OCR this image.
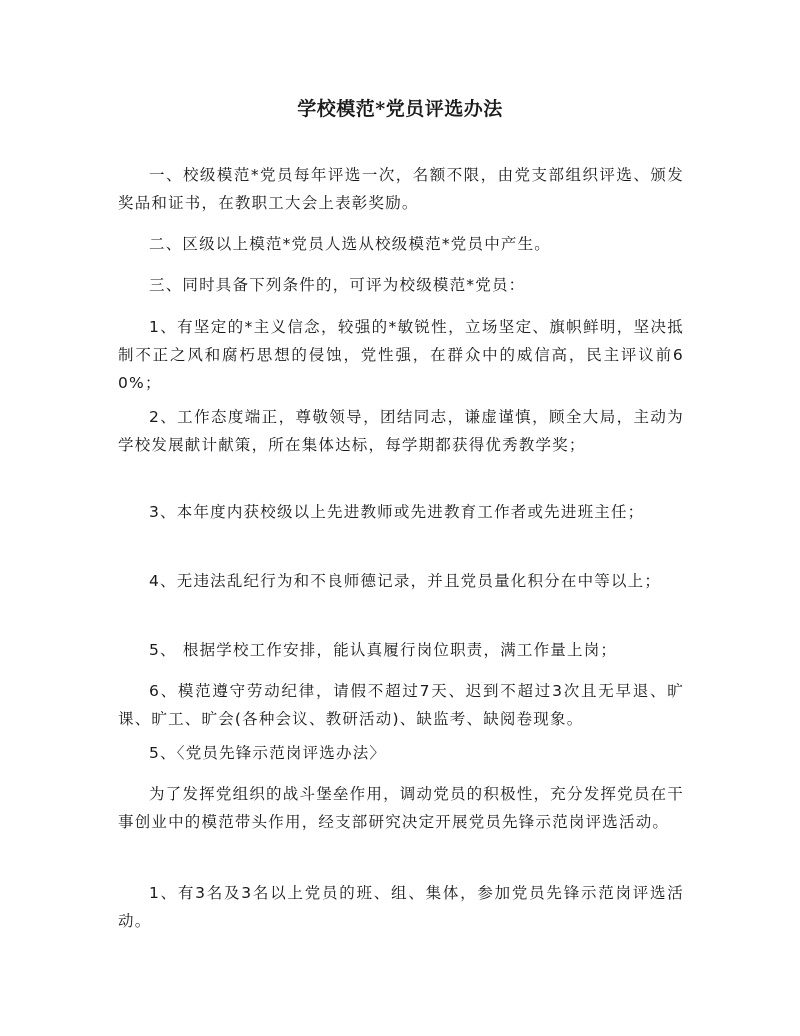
学校模范*党员评选办法

一、校级模范*党员每年评选一次，名额不限，由党支部组织评选、颁发奖品和证书，在教职工大会上表彰奖励。

二、区级以上模范*党员人选从校级模范*党员中产生。

三、同时具备下列条件的，可评为校级模范*党员：

1、有坚定的*主义信念，较强的*敏锐性，立场坚定、旗帜鲜明，坚决抵制不正之风和腐朽思想的侵蚀，党性强，在群众中的威信高，民主评议前60%；

2、工作态度端正，尊敬领导，团结同志，谦虚谨慎，顾全大局，主动为学校发展献计献策，所在集体达标，每学期都获得优秀教学奖；

3、本年度内获校级以上先进教师或先进教育工作者或先进班主任；

4、无违法乱纪行为和不良师德记录，并且党员量化积分在中等以上；

5、 根据学校工作安排，能认真履行岗位职责，满工作量上岗；

6、模范遵守劳动纪律，请假不超过7天、迟到不超过3次且无早退、旷课、旷工、旷会(各种会议、教研活动)、缺监考、缺阅卷现象。

5、〈党员先锋示范岗评选办法〉

为了发挥党组织的战斗堡垒作用，调动党员的积极性，充分发挥党员在干事创业中的模范带头作用，经支部研究决定开展党员先锋示范岗评选活动。

1、有3名及3名以上党员的班、组、集体，参加党员先锋示范岗评选活动。
